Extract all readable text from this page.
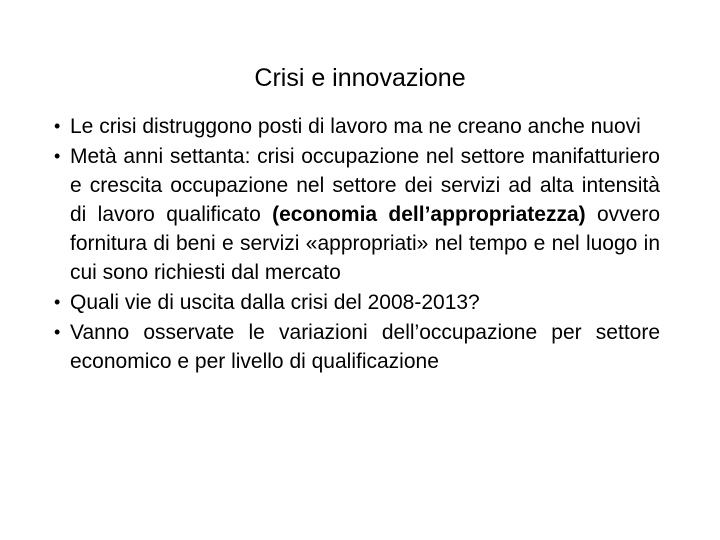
Crisi e innovazione
• Le crisi distruggono posti di lavoro ma ne creano anche nuovi
• Metà anni settanta: crisi occupazione nel settore manifatturiero e crescita occupazione nel settore dei servizi ad alta intensità di lavoro qualificato (economia dell’appropriatezza) ovvero fornitura di beni e servizi «appropriati» nel tempo e nel luogo in cui sono richiesti dal mercato
• Quali vie di uscita dalla crisi del 2008-2013?
• Vanno osservate le variazioni dell’occupazione per settore economico e per livello di qualificazione
